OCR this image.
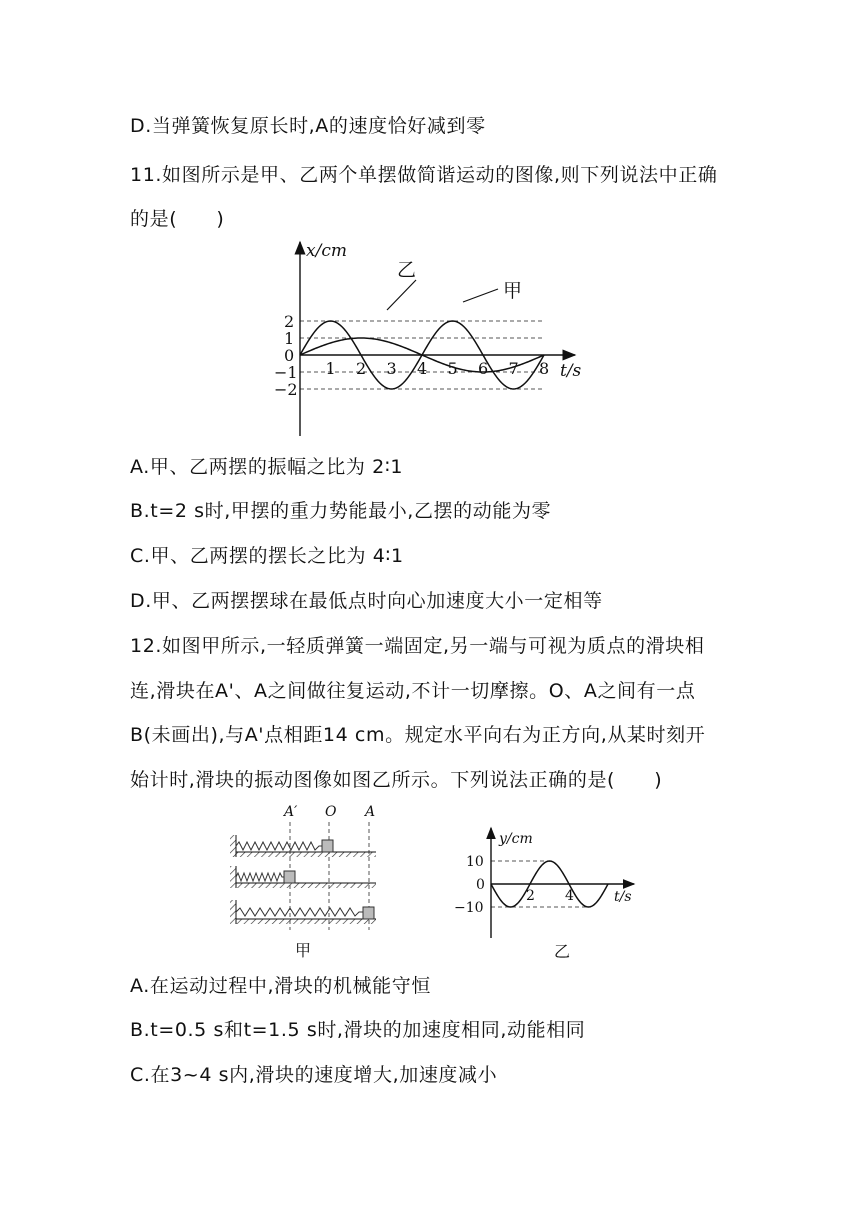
D.当弹簧恢复原长时,A的速度恰好减到零
11.如图所示是甲、乙两个单摆做简谐运动的图像,则下列说法中正确
的是(　　)
x/cm
t/s
1 2 3 4 5 6 7 8
2
1
0
−1
−2
乙
甲
A.甲、乙两摆的振幅之比为 2∶1
B.t=2 s时,甲摆的重力势能最小,乙摆的动能为零
C.甲、乙两摆的摆长之比为 4∶1
D.甲、乙两摆摆球在最低点时向心加速度大小一定相等
12.如图甲所示,一轻质弹簧一端固定,另一端与可视为质点的滑块相
连,滑块在A'、A之间做往复运动,不计一切摩擦。O、A之间有一点
B(未画出),与A'点相距14 cm。规定水平向右为正方向,从某时刻开
始计时,滑块的振动图像如图乙所示。下列说法正确的是(　　)
A′ O A
甲
y/cm
t/s
10
0
−10
2 4
乙
A.在运动过程中,滑块的机械能守恒
B.t=0.5 s和t=1.5 s时,滑块的加速度相同,动能相同
C.在3~4 s内,滑块的速度增大,加速度减小
